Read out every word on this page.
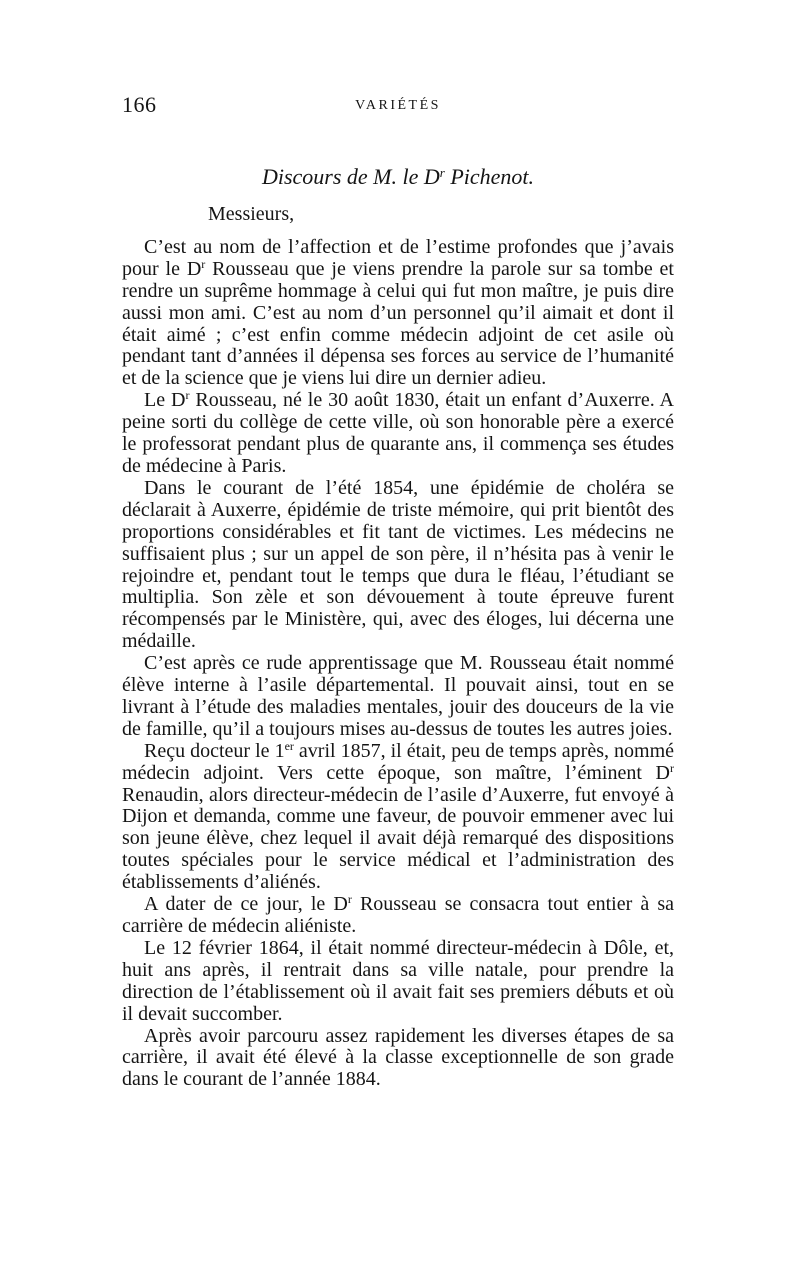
166	VARIÉTÉS
Discours de M. le $D^r$ Pichenot.
Messieurs,

C’est au nom de l’affection et de l’estime profondes que j’avais pour le $D^r$ Rousseau que je viens prendre la parole sur sa tombe et rendre un suprême hommage à celui qui fut mon maître, je puis dire aussi mon ami. C’est au nom d’un personnel qu’il aimait et dont il était aimé ; c’est enfin comme médecin adjoint de cet asile où pendant tant d’années il dépensa ses forces au service de l’humanité et de la science que je viens lui dire un dernier adieu.

Le $D^r$ Rousseau, né le 30 août 1830, était un enfant d’Auxerre. A peine sorti du collège de cette ville, où son honorable père a exercé le professorat pendant plus de quarante ans, il commença ses études de médecine à Paris.

Dans le courant de l’été 1854, une épidémie de choléra se déclarait à Auxerre, épidémie de triste mémoire, qui prit bientôt des proportions considérables et fit tant de victimes. Les médecins ne suffisaient plus ; sur un appel de son père, il n’hésita pas à venir le rejoindre et, pendant tout le temps que dura le fléau, l’étudiant se multiplia. Son zèle et son dévouement à toute épreuve furent récompensés par le Ministère, qui, avec des éloges, lui décerna une médaille.

C’est après ce rude apprentissage que M. Rousseau était nommé élève interne à l’asile départemental. Il pouvait ainsi, tout en se livrant à l’étude des maladies mentales, jouir des douceurs de la vie de famille, qu’il a toujours mises au-dessus de toutes les autres joies.

Reçu docteur le 1er avril 1857, il était, peu de temps après, nommé médecin adjoint. Vers cette époque, son maître, l’éminent $D^r$ Renaudin, alors directeur-médecin de l’asile d’Auxerre, fut envoyé à Dijon et demanda, comme une faveur, de pouvoir emmener avec lui son jeune élève, chez lequel il avait déjà remarqué des dispositions toutes spéciales pour le service médical et l’administration des établissements d’aliénés.

A dater de ce jour, le $D^r$ Rousseau se consacra tout entier à sa carrière de médecin aliéniste.

Le 12 février 1864, il était nommé directeur-médecin à Dôle, et, huit ans après, il rentrait dans sa ville natale, pour prendre la direction de l’établissement où il avait fait ses premiers débuts et où il devait succomber.

Après avoir parcouru assez rapidement les diverses étapes de sa carrière, il avait été élevé à la classe exceptionnelle de son grade dans le courant de l’année 1884.
